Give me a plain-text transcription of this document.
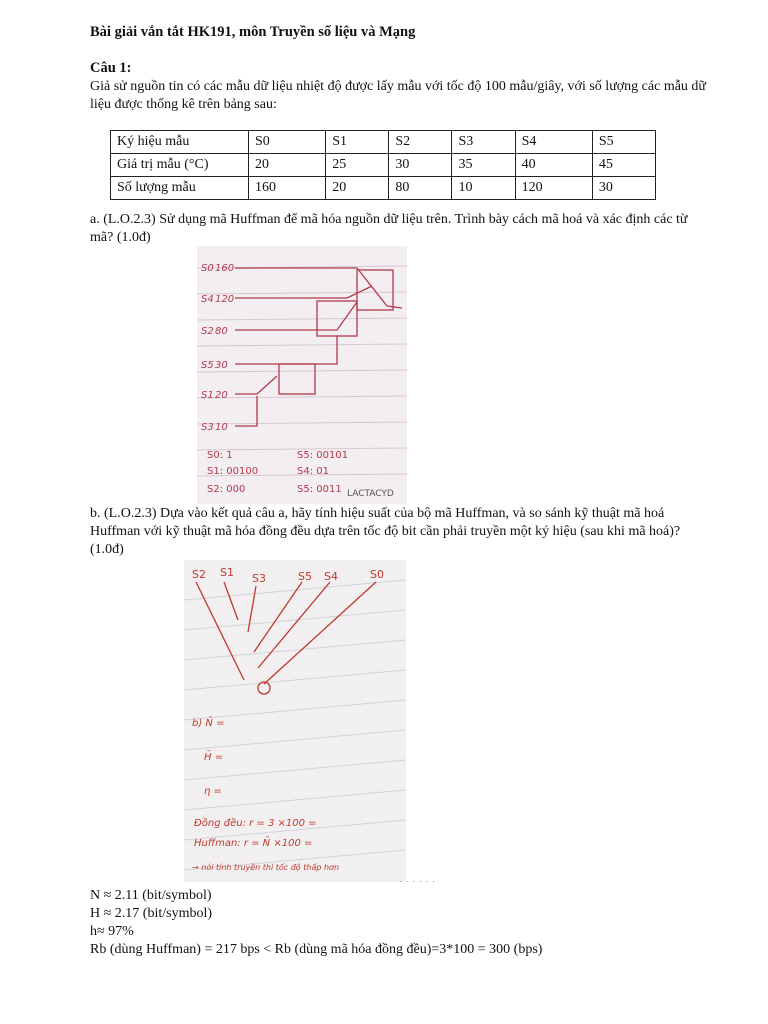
Bài giải vắn tắt HK191, môn Truyền số liệu và Mạng
Câu 1:
Giả sử nguồn tin có các mẫu dữ liệu nhiệt độ được lấy mẫu với tốc độ 100 mẫu/giây, với số lượng các mẫu dữ liệu được thống kê trên bảng sau:
Ký hiệu mẫu	S0	S1	S2	S3	S4	S5
Giá trị mẫu (°C)	20	25	30	35	40	45
Số lượng mẫu	160	20	80	10	120	30
a. (L.O.2.3) Sử dụng mã Huffman để mã hóa nguồn dữ liệu trên. Trình bày cách mã hoá và xác định các từ mã? (1.0đ)
b. (L.O.2.3) Dựa vào kết quả câu a, hãy tính hiệu suất của bộ mã Huffman, và so sánh kỹ thuật mã hoá Huffman với kỹ thuật mã hóa đồng đều dựa trên tốc độ bit cần phải truyền một ký hiệu (sau khi mã hoá)? (1.0đ)
N ≈ 2.11 (bit/symbol)
H ≈ 2.17 (bit/symbol)
h≈ 97%
Rb (dùng Huffman) = 217 bps < Rb (dùng mã hóa đồng đều)=3*100 = 300 (bps)
S0
S4
S2
S5
S1
S3
160
120
80
30
20
10
S0: 1	S5: 00101
S1: 00100	S4: 01
S2: 000	S5: 0011 LACTACYD
S2 S1 S3	S5 S4	S0
b) N̄ =
H̄ =
η =
Đồng đều: r = 3 ×100 =
Huffman: r = N̄ ×100 =
→ nói tính truyền thì tốc độ thấp hơn
. . . . . .
